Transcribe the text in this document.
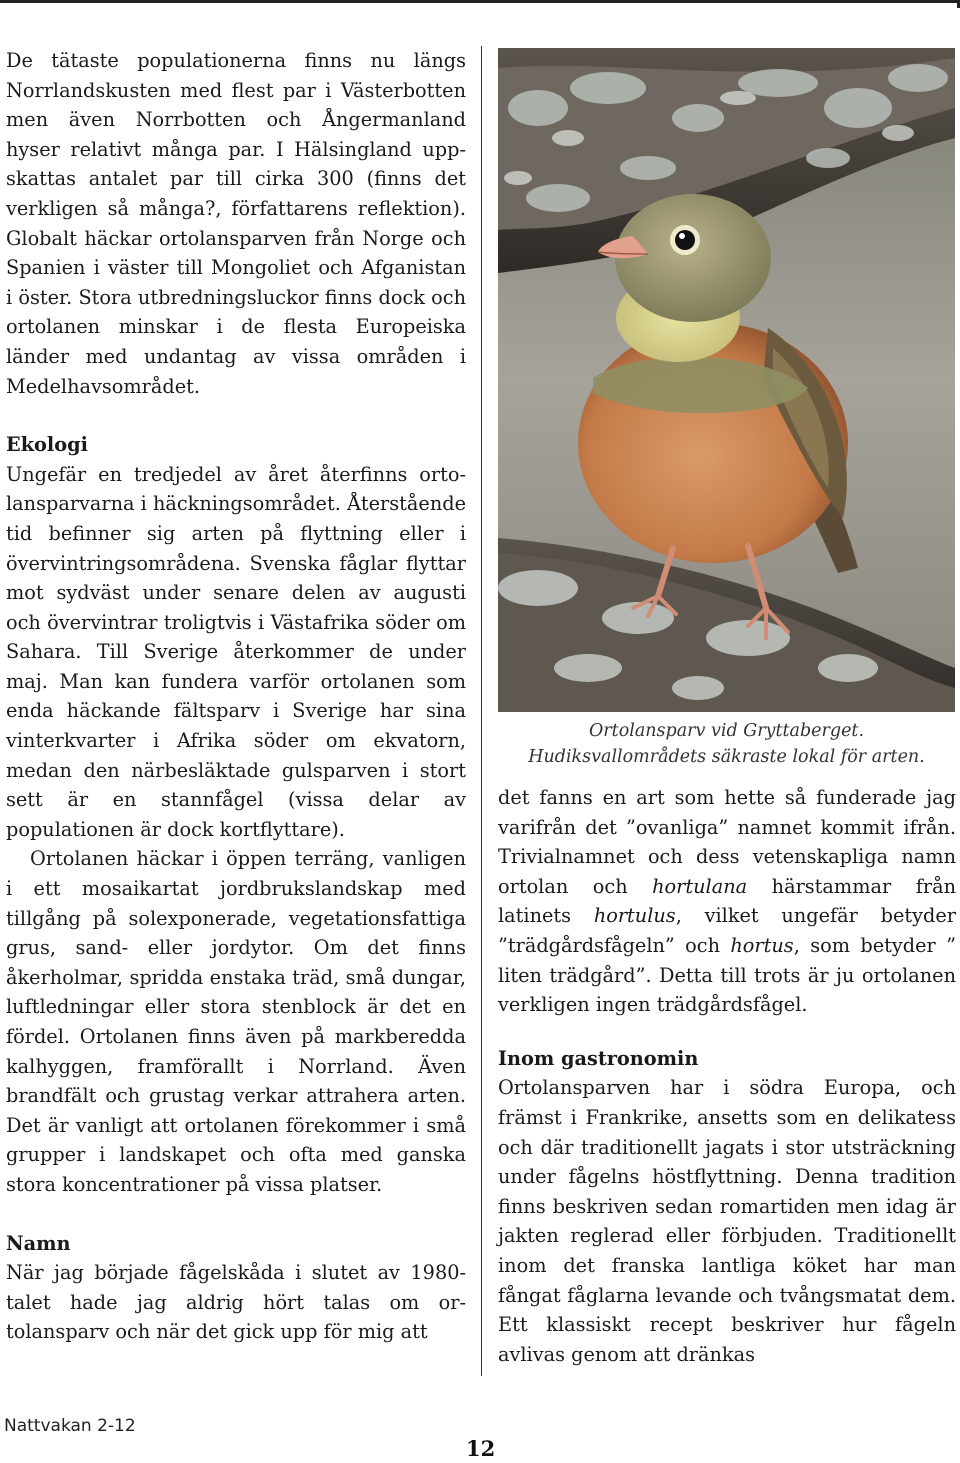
De tätaste populationerna finns nu längs Norrlandskusten med flest par i Västerbotten men även Norrbotten och Ångermanland hyser relativt många par. I Hälsingland uppskattas antalet par till cirka 300 (finns det verkligen så många?, författarens reflektion). Globalt häckar ortolansparven från Norge och Spanien i väster till Mongoliet och Afganistan i öster. Stora utbredningsluckor finns dock och ortolanen minskar i de flesta Europeiska länder med undantag av vissa områden i Medelhavsområdet.

Ekologi

Ungefär en tredjedel av året återfinns ortolansparvarna i häckningsområdet. Återstående tid befinner sig arten på flyttning eller i övervintringsområdena. Svenska fåglar flyttar mot sydväst under senare delen av augusti och övervintrar troligtvis i Västafrika söder om Sahara. Till Sverige återkommer de under maj. Man kan fundera varför ortolanen som enda häckande fältsparv i Sverige har sina vinterkvarter i Afrika söder om ekvatorn, medan den närbesläktade gulsparven i stort sett är en stannfågel (vissa delar av populationen är dock kortflyttare).

Ortolanen häckar i öppen terräng, vanligen i ett mosaikartat jordbrukslandskap med tillgång på solexponerade, vegetationsfattiga grus, sand- eller jordytor. Om det finns åkerholmar, spridda enstaka träd, små dungar, luftledningar eller stora stenblock är det en fördel. Ortolanen finns även på markberedda kalhyggen, framförallt i Norrland. Även brandfält och grustag verkar attrahera arten. Det är vanligt att ortolanen förekommer i små grupper i landskapet och ofta med ganska stora koncentrationer på vissa platser.

Namn

När jag började fågelskåda i slutet av 1980-talet hade jag aldrig hört talas om ortolansparv och när det gick upp för mig att

Ortolansparv vid Gryttaberget.
Hudiksvallområdets säkraste lokal för arten.

det fanns en art som hette så funderade jag varifrån det ”ovanliga” namnet kommit ifrån. Trivialnamnet och dess vetenskapliga namn ortolan och hortulana härstammar från latinets hortulus, vilket ungefär betyder ”trädgårdsfågeln” och hortus, som betyder ” liten trädgård”. Detta till trots är ju ortolanen verkligen ingen trädgårdsfågel.

Inom gastronomin

Ortolansparven har i södra Europa, och främst i Frankrike, ansetts som en delikatess och där traditionellt jagats i stor utsträckning under fågelns höstflyttning. Denna tradition finns beskriven sedan romartiden men idag är jakten reglerad eller förbjuden. Traditionellt inom det franska lantliga köket har man fångat fåglarna levande och tvångsmatat dem. Ett klassiskt recept beskriver hur fågeln avlivas genom att dränkas

Nattvakan 2-12
12
